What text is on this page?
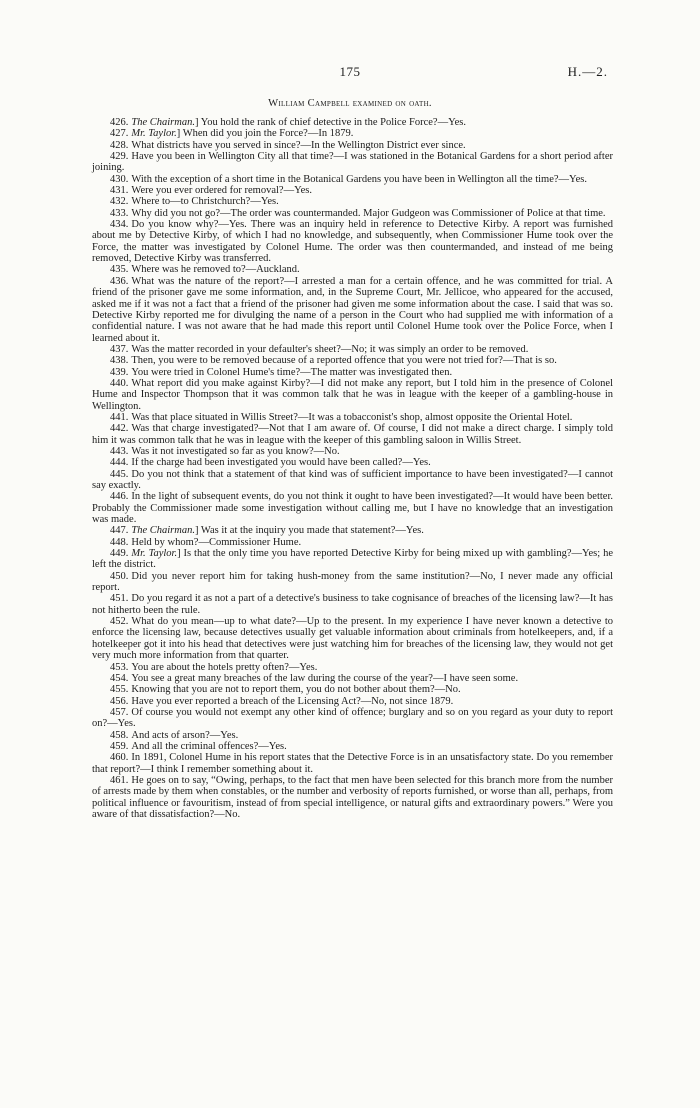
175	H.—2.
William Campbell examined on oath.

426. The Chairman.] You hold the rank of chief detective in the Police Force?—Yes.

427. Mr. Taylor.] When did you join the Force?—In 1879.

428. What districts have you served in since?—In the Wellington District ever since.

429. Have you been in Wellington City all that time?—I was stationed in the Botanical Gardens for a short period after joining.

430. With the exception of a short time in the Botanical Gardens you have been in Wellington all the time?—Yes.

431. Were you ever ordered for removal?—Yes.

432. Where to—to Christchurch?—Yes.

433. Why did you not go?—The order was countermanded. Major Gudgeon was Commissioner of Police at that time.

434. Do you know why?—Yes. There was an inquiry held in reference to Detective Kirby. A report was furnished about me by Detective Kirby, of which I had no knowledge, and subsequently, when Commissioner Hume took over the Force, the matter was investigated by Colonel Hume. The order was then countermanded, and instead of me being removed, Detective Kirby was transferred.

435. Where was he removed to?—Auckland.

436. What was the nature of the report?—I arrested a man for a certain offence, and he was committed for trial. A friend of the prisoner gave me some information, and, in the Supreme Court, Mr. Jellicoe, who appeared for the accused, asked me if it was not a fact that a friend of the prisoner had given me some information about the case. I said that was so. Detective Kirby reported me for divulging the name of a person in the Court who had supplied me with information of a confidential nature. I was not aware that he had made this report until Colonel Hume took over the Police Force, when I learned about it.

437. Was the matter recorded in your defaulter's sheet?—No; it was simply an order to be removed.

438. Then, you were to be removed because of a reported offence that you were not tried for?—That is so.

439. You were tried in Colonel Hume's time?—The matter was investigated then.

440. What report did you make against Kirby?—I did not make any report, but I told him in the presence of Colonel Hume and Inspector Thompson that it was common talk that he was in league with the keeper of a gambling-house in Wellington.

441. Was that place situated in Willis Street?—It was a tobacconist's shop, almost opposite the Oriental Hotel.

442. Was that charge investigated?—Not that I am aware of. Of course, I did not make a direct charge. I simply told him it was common talk that he was in league with the keeper of this gambling saloon in Willis Street.

443. Was it not investigated so far as you know?—No.

444. If the charge had been investigated you would have been called?—Yes.

445. Do you not think that a statement of that kind was of sufficient importance to have been investigated?—I cannot say exactly.

446. In the light of subsequent events, do you not think it ought to have been investigated?—It would have been better. Probably the Commissioner made some investigation without calling me, but I have no knowledge that an investigation was made.

447. The Chairman.] Was it at the inquiry you made that statement?—Yes.

448. Held by whom?—Commissioner Hume.

449. Mr. Taylor.] Is that the only time you have reported Detective Kirby for being mixed up with gambling?—Yes; he left the district.

450. Did you never report him for taking hush-money from the same institution?—No, I never made any official report.

451. Do you regard it as not a part of a detective's business to take cognisance of breaches of the licensing law?—It has not hitherto been the rule.

452. What do you mean—up to what date?—Up to the present. In my experience I have never known a detective to enforce the licensing law, because detectives usually get valuable information about criminals from hotelkeepers, and, if a hotelkeeper got it into his head that detectives were just watching him for breaches of the licensing law, they would not get very much more information from that quarter.

453. You are about the hotels pretty often?—Yes.

454. You see a great many breaches of the law during the course of the year?—I have seen some.

455. Knowing that you are not to report them, you do not bother about them?—No.

456. Have you ever reported a breach of the Licensing Act?—No, not since 1879.

457. Of course you would not exempt any other kind of offence; burglary and so on you regard as your duty to report on?—Yes.

458. And acts of arson?—Yes.

459. And all the criminal offences?—Yes.

460. In 1891, Colonel Hume in his report states that the Detective Force is in an unsatisfactory state. Do you remember that report?—I think I remember something about it.

461. He goes on to say, “Owing, perhaps, to the fact that men have been selected for this branch more from the number of arrests made by them when constables, or the number and verbosity of reports furnished, or worse than all, perhaps, from political influence or favouritism, instead of from special intelligence, or natural gifts and extraordinary powers.” Were you aware of that dissatisfaction?—No.
